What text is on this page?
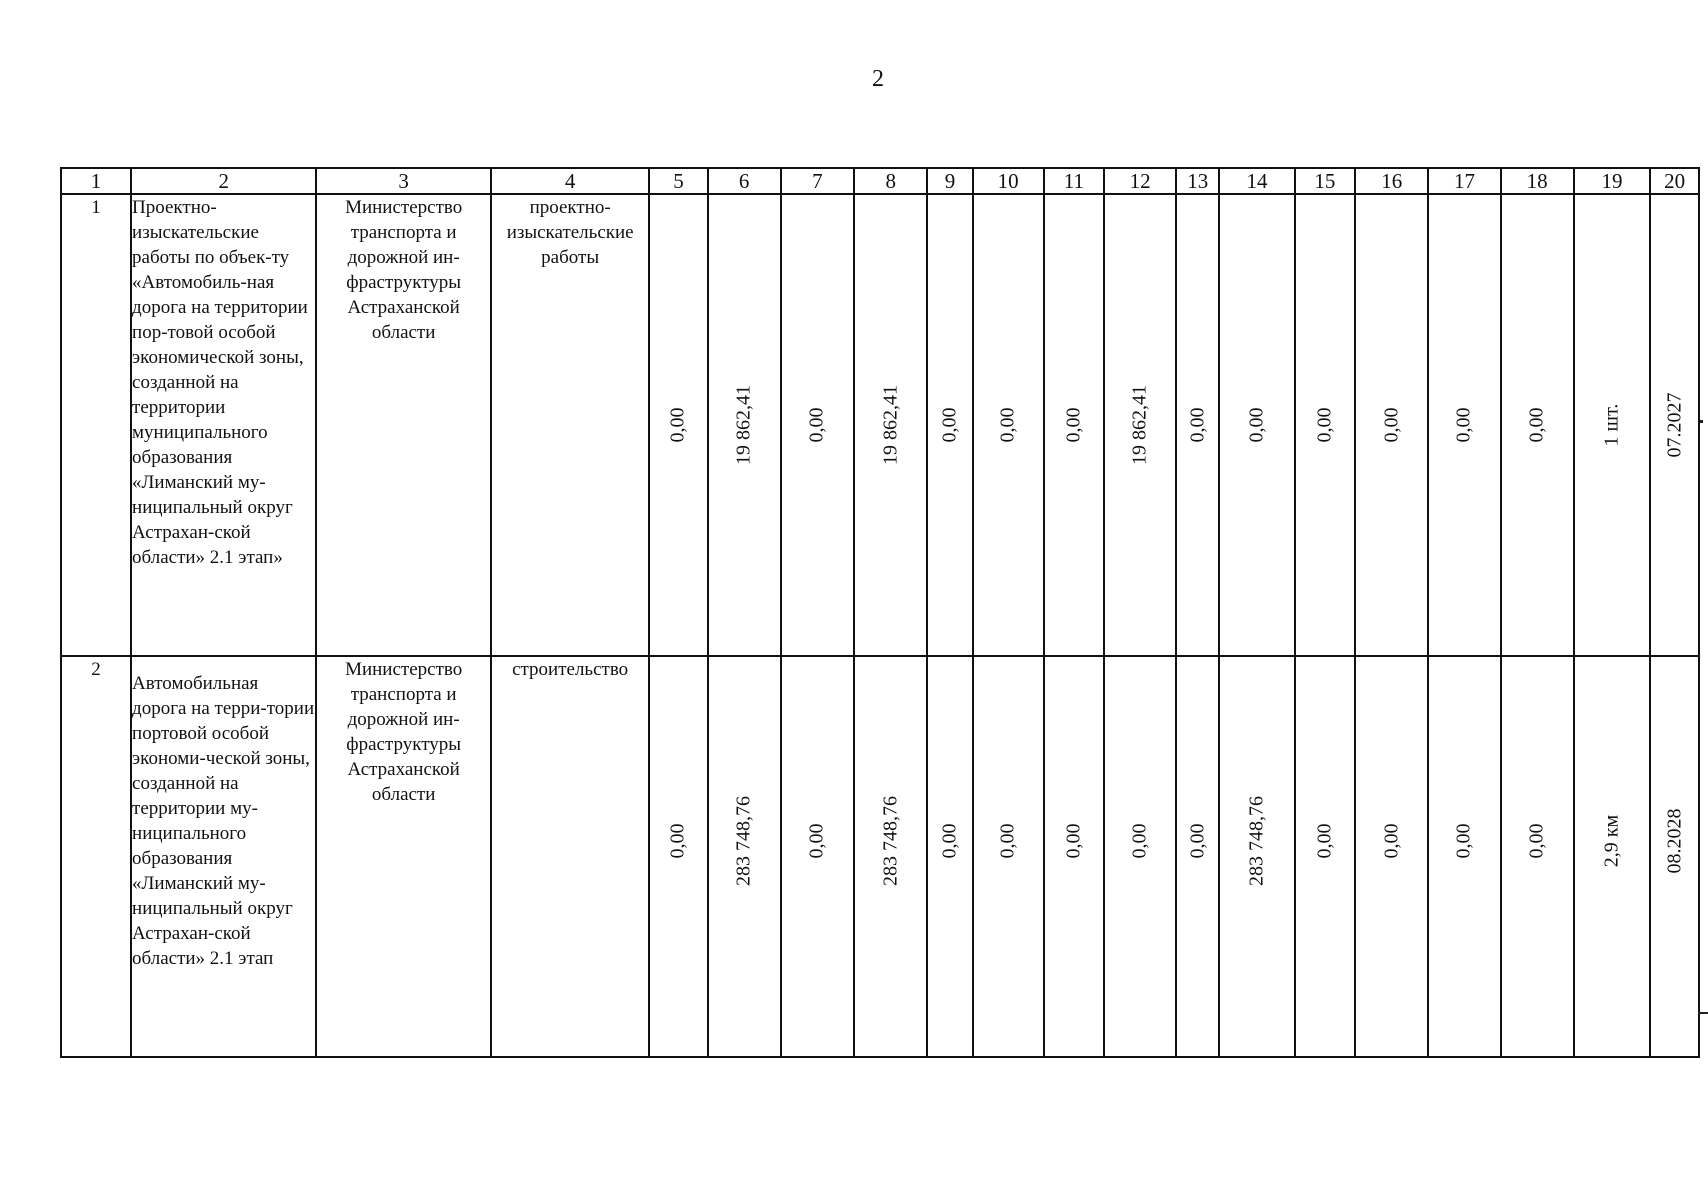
2
1	2	3	4	5	6	7	8	9	10	11	12	13	14	15	16	17	18	19	20
1	Проектно-изыскательские работы по объек-ту «Автомобиль-ная дорога на территории пор-товой особой экономической зоны, созданной на территории муниципального образования «Лиманский му-ниципальный округ Астрахан-ской области» 2.1 этап»	Министерство транспорта и дорожной ин-фраструктуры Астраханской области	проектно-изыскательские работы	0,00	19 862,41	0,00	19 862,41	0,00	0,00	0,00	19 862,41	0,00	0,00	0,00	0,00	0,00	0,00	1 шт.	07.2027

2	Автомобильная дорога на терри-тории портовой особой экономи-ческой зоны, созданной на территории му-ниципального образования «Лиманский му-ниципальный округ Астрахан-ской области» 2.1 этап	Министерство транспорта и дорожной ин-фраструктуры Астраханской области	строительство	0,00	283 748,76	0,00	283 748,76	0,00	0,00	0,00	0,00	0,00	283 748,76	0,00	0,00	0,00	0,00	2,9 км	08.2028
